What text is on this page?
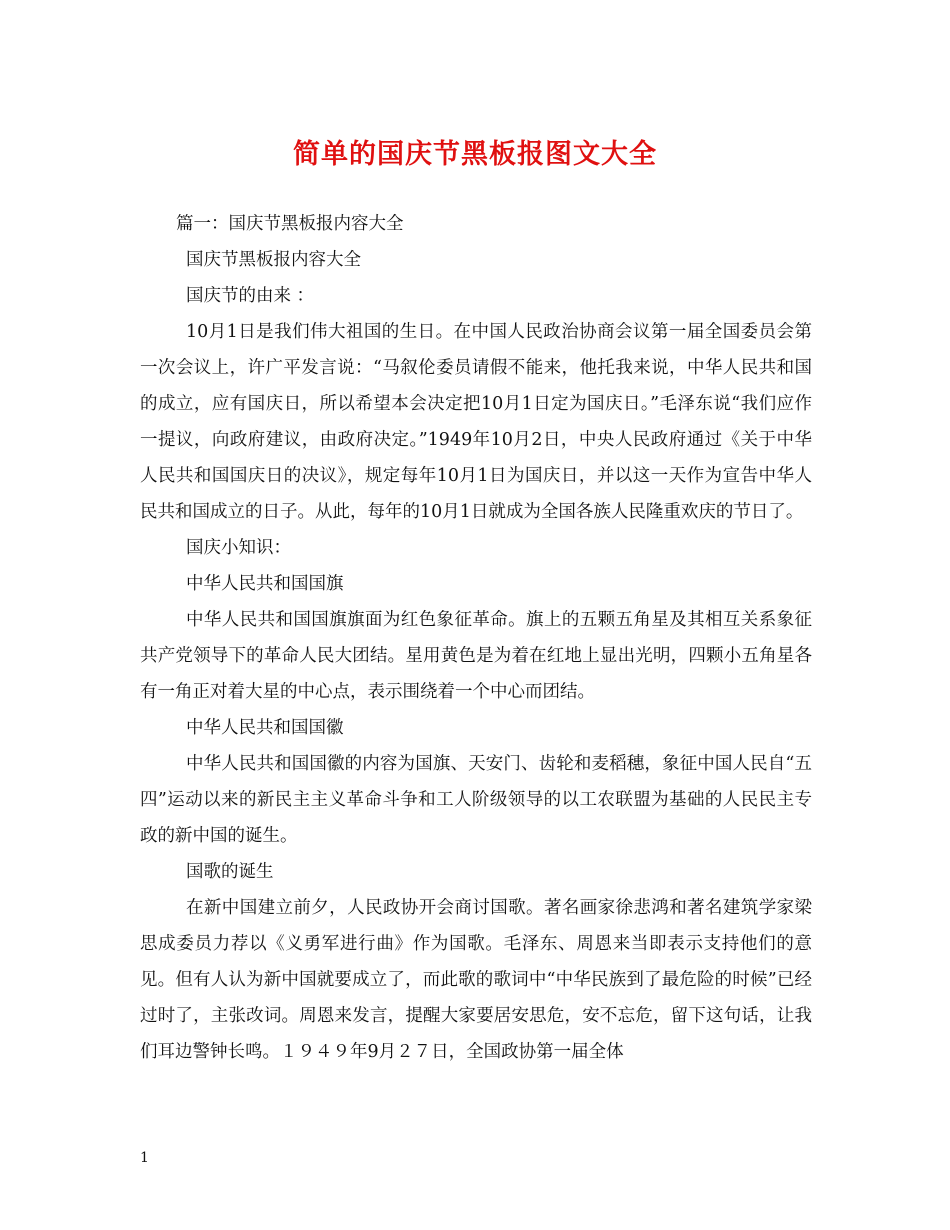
简单的国庆节黑板报图文大全

篇一：国庆节黑板报内容大全

国庆节黑板报内容大全

国庆节的由来 ：

10月1日是我们伟大祖国的生日。在中国人民政治协商会议第一届全国委员会第一次会议上，许广平发言说：“马叙伦委员请假不能来，他托我来说，中华人民共和国的成立，应有国庆日，所以希望本会决定把10月1日定为国庆日。”毛泽东说“我们应作一提议，向政府建议，由政府决定。”1949年10月2日，中央人民政府通过《关于中华人民共和国国庆日的决议》，规定每年10月1日为国庆日，并以这一天作为宣告中华人民共和国成立的日子。从此，每年的10月1日就成为全国各族人民隆重欢庆的节日了。

国庆小知识：

中华人民共和国国旗

中华人民共和国国旗旗面为红色象征革命。旗上的五颗五角星及其相互关系象征共产党领导下的革命人民大团结。星用黄色是为着在红地上显出光明，四颗小五角星各有一角正对着大星的中心点，表示围绕着一个中心而团结。

中华人民共和国国徽

中华人民共和国国徽的内容为国旗、天安门、齿轮和麦稻穗，象征中国人民自“五四”运动以来的新民主主义革命斗争和工人阶级领导的以工农联盟为基础的人民民主专政的新中国的诞生。

国歌的诞生

在新中国建立前夕，人民政协开会商讨国歌。著名画家徐悲鸿和著名建筑学家梁思成委员力荐以《义勇军进行曲》作为国歌。毛泽东、周恩来当即表示支持他们的意见。但有人认为新中国就要成立了，而此歌的歌词中“中华民族到了最危险的时候”已经过时了，主张改词。周恩来发言，提醒大家要居安思危，安不忘危，留下这句话，让我们耳边警钟长鸣。１９４９年9月２７日，全国政协第一届全体

1
